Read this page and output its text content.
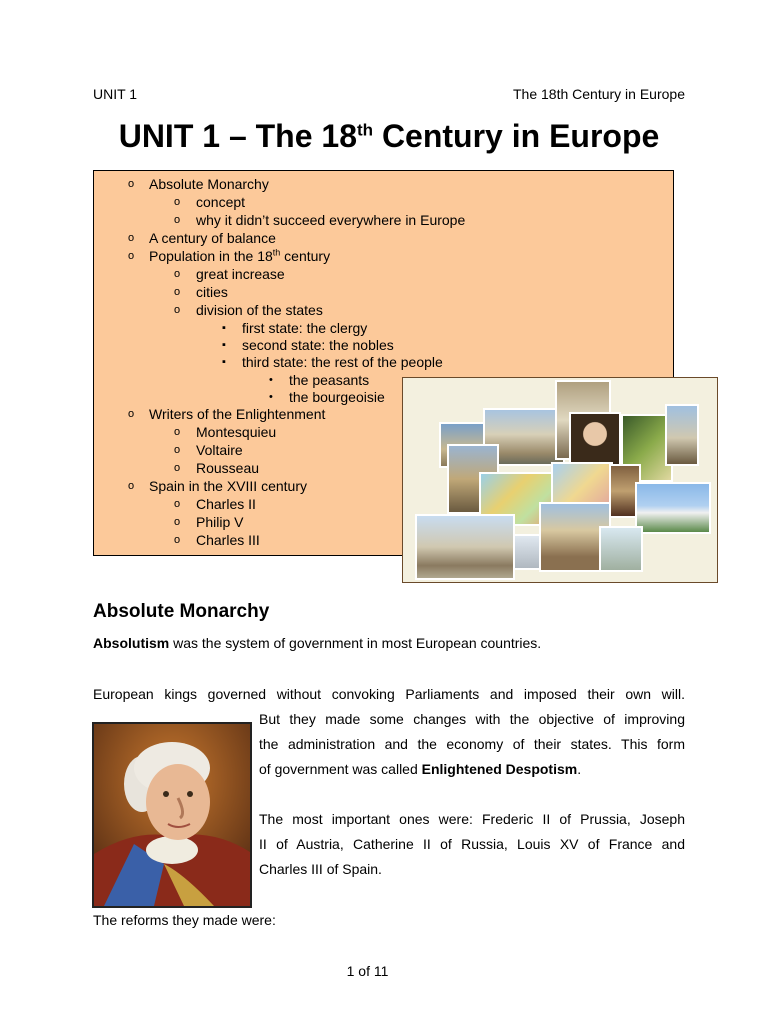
UNIT 1	The 18th Century in Europe
UNIT 1 – The 18th Century in Europe
o Absolute Monarchy
o concept
o why it didn’t succeed everywhere in Europe
o A century of balance
o Population in the 18th century
o great increase
o cities
o division of the states
▪ first state: the clergy
▪ second state: the nobles
▪ third state: the rest of the people
• the peasants
• the bourgeoisie
o Writers of the Enlightenment
o Montesquieu
o Voltaire
o Rousseau
o Spain in the XVIII century
o Charles II
o Philip V
o Charles III
Absolute Monarchy
Absolutism was the system of government in most European countries.
European kings governed without convoking Parliaments and imposed their own will.
But they made some changes with the objective of improving
the administration and the economy of their states. This form
of government was called Enlightened Despotism.
The most important ones were: Frederic II of Prussia, Joseph
II of Austria, Catherine II of Russia, Louis XV of France and
Charles III of Spain.
The reforms they made were:
1 of 11
